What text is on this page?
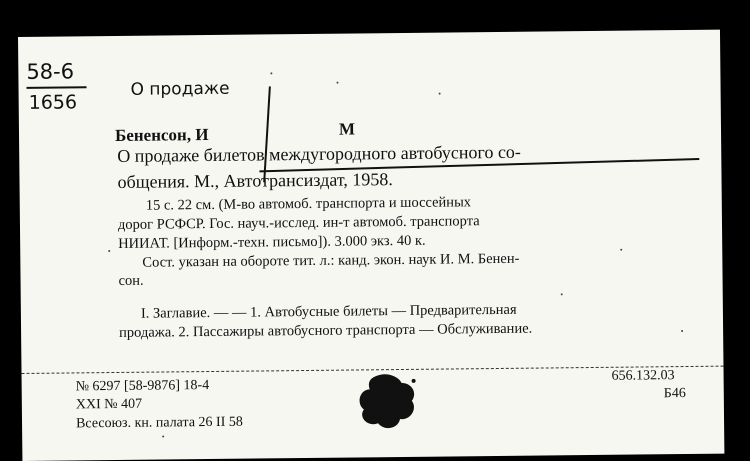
58-6
1656
О продаже
Бененсон, И	М
О продаже билетов междугородного автобусного со-
общения. М., Автотрансиздат, 1958.
15 с. 22 см. (М-во автомоб. транспорта и шоссейных
дорог РСФСР. Гос. науч.-исслед. ин-т автомоб. транспорта
НИИАТ. [Информ.-техн. письмо]). 3.000 экз. 40 к.
Сост. указан на обороте тит. л.: канд. экон. наук И. М. Бенен-
сон.
I. Заглавие. — — 1. Автобусные билеты — Предварительная
продажа. 2. Пассажиры автобусного транспорта — Обслуживание.
№ 6297 [58-9876] 18-4
XXI № 407
Всесоюз. кн. палата 26 II 58
656.132.03
Б46
